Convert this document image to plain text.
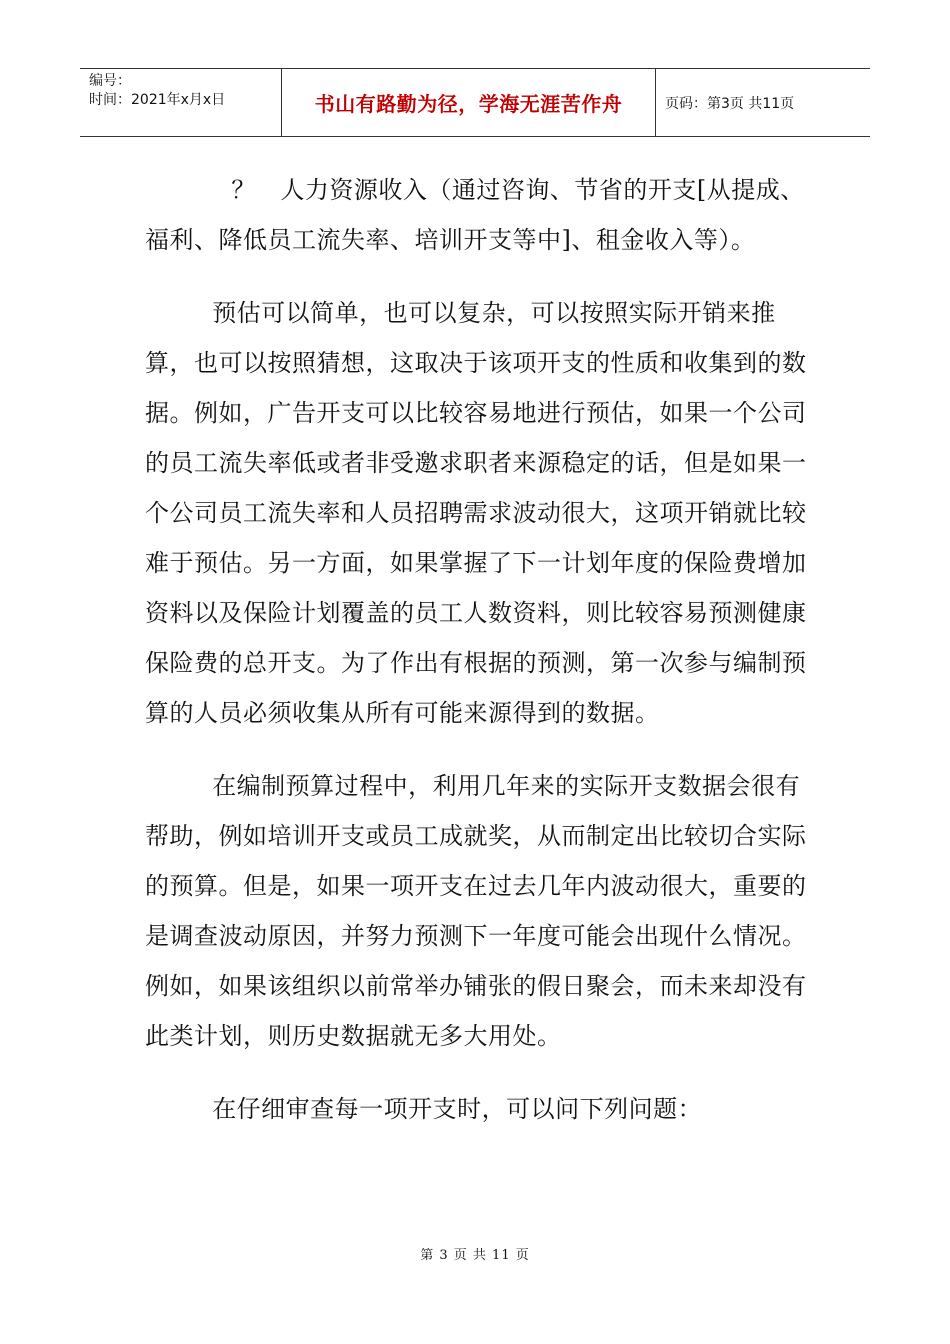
编号：
时间：2021年x月x日	书山有路勤为径，学海无涯苦作舟	页码：第3页 共11页

？　人力资源收入（通过咨询、节省的开支[从提成、福利、降低员工流失率、培训开支等中]、租金收入等）。

预估可以简单，也可以复杂，可以按照实际开销来推算，也可以按照猜想，这取决于该项开支的性质和收集到的数据。例如，广告开支可以比较容易地进行预估，如果一个公司的员工流失率低或者非受邀求职者来源稳定的话，但是如果一个公司员工流失率和人员招聘需求波动很大，这项开销就比较难于预估。另一方面，如果掌握了下一计划年度的保险费增加资料以及保险计划覆盖的员工人数资料，则比较容易预测健康保险费的总开支。为了作出有根据的预测，第一次参与编制预算的人员必须收集从所有可能来源得到的数据。

在编制预算过程中，利用几年来的实际开支数据会很有帮助，例如培训开支或员工成就奖，从而制定出比较切合实际的预算。但是，如果一项开支在过去几年内波动很大，重要的是调查波动原因，并努力预测下一年度可能会出现什么情况。例如，如果该组织以前常举办铺张的假日聚会，而未来却没有此类计划，则历史数据就无多大用处。

在仔细审查每一项开支时，可以问下列问题：

第 3 页 共 11 页
